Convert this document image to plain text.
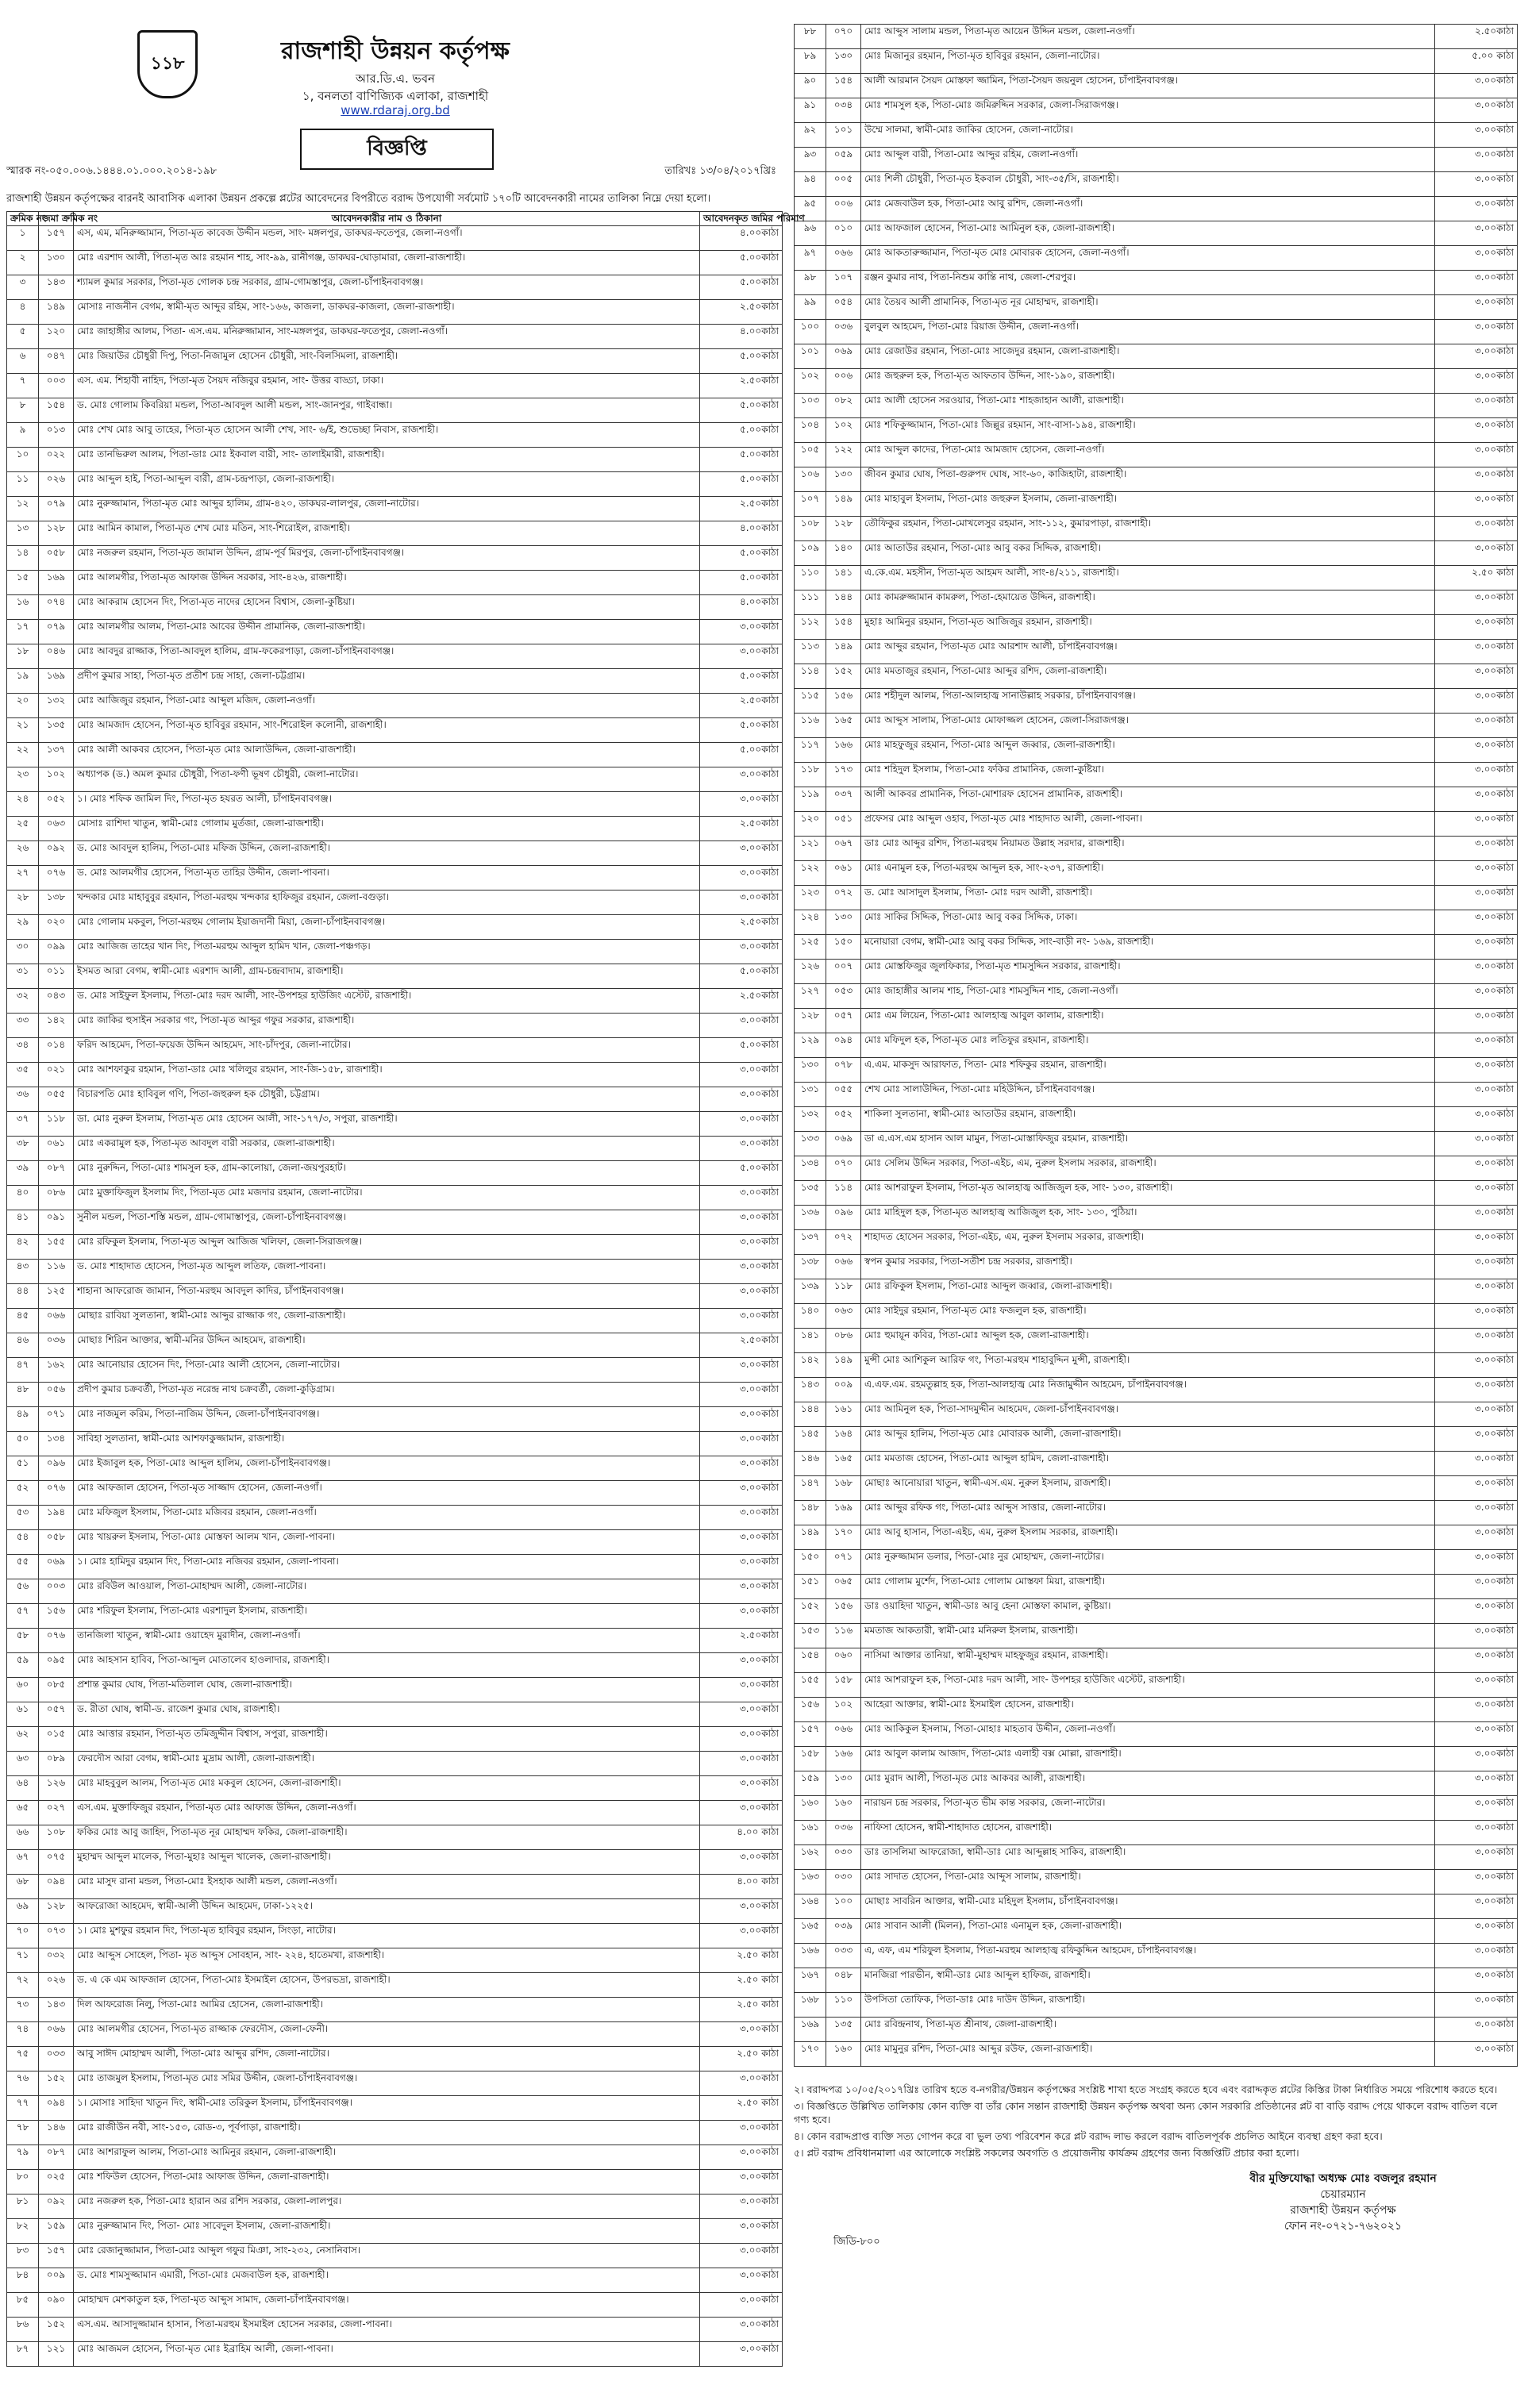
১১৮	রাজশাহী উন্নয়ন কর্তৃপক্ষ
আর.ডি.এ. ভবন
১, বনলতা বাণিজ্যিক এলাকা, রাজশাহী
www.rdaraj.org.bd
বিজ্ঞপ্তি
স্মারক নং-০৫০.০০৬.১৪৪৪.০১.০০০.২০১৪-১৯৮	তারিখঃ ১৩/০৪/২০১৭খ্রিঃ
রাজশাহী উন্নয়ন কর্তৃপক্ষের বারনই আবাসিক এলাকা উন্নয়ন প্রকল্পে প্লটের আবেদনের বিপরীতে বরাদ্দ উপযোগী সর্বমোট ১৭০টি আবেদনকারী নামের তালিকা নিম্নে দেয়া হলো।
ক্রমিক নং	জমা ক্রমিক নং	আবেদনকারীর নাম ও ঠিকানা	আবেদনকৃত জমির পরিমাণ
১	১৫৭	এস, এম, মনিরুজ্জামান, পিতা-মৃত কাবেজ উদ্দীন মন্ডল, সাং- মঙ্গলপুর, ডাকঘর-ফতেপুর, জেলা-নওগাঁ।	৪.০০কাঠা
২	১৩০	মোঃ এরশাদ আলী, পিতা-মৃত আঃ রহমান শাহ, সাং-৯৯, রানীগঞ্জ, ডাকঘর-ঘোড়ামারা, জেলা-রাজশাহী।	৫.০০কাঠা
৩	১৪৩	শ্যামল কুমার সরকার, পিতা-মৃত গোলক চন্দ্র সরকার, গ্রাম-গোমস্তাপুর, জেলা-চাঁপাইনবাবগঞ্জ।	৫.০০কাঠা
৪	১৪৯	মোসাঃ নাজনীন বেগম, স্বামী-মৃত আব্দুর রহিম, সাং-১৬৬, কাজলা, ডাকঘর-কাজলা, জেলা-রাজশাহী।	২.৫০কাঠা
৫	১২০	মোঃ জাহাঙ্গীর আলম, পিতা- এস.এম. মনিরুজ্জামান, সাং-মঙ্গলপুর, ডাকঘর-ফতেপুর, জেলা-নওগাঁ।	৪.০০কাঠা
৬	০৪৭	মোঃ জিয়াউর চৌধুরী দিপু, পিতা-নিজামুল হোসেন চৌধুরী, সাং-বিলসিমলা, রাজশাহী।	৫.০০কাঠা
৭	০০৩	এস. এম. শিহাবী নাহিদ, পিতা-মৃত সৈয়দ নজিবুর রহমান, সাং- উত্তর বাড্ডা, ঢাকা।	২.৫০কাঠা
৮	১৫৪	ড. মোঃ গোলাম কিবরিয়া মন্ডল, পিতা-আবদুল আলী মন্ডল, সাং-জানপুর, গাইবান্ধা।	৫.০০কাঠা
৯	০১৩	মোঃ শেখ মোঃ আবু তাহের, পিতা-মৃত হোসেন আলী শেখ, সাং- ৬/ই, শুভেচ্ছা নিবাস, রাজশাহী।	৫.০০কাঠা
১০	০২২	মোঃ তানভিরুল আলম, পিতা-ডাঃ মোঃ ইকবাল বারী, সাং- তালাইমারী, রাজশাহী।	৫.০০কাঠা
১১	০২৬	মোঃ আব্দুল হাই, পিতা-আব্দুল বারী, গ্রাম-চন্দ্রপাড়া, জেলা-রাজশাহী।	৫.০০কাঠা
১২	০৭৯	মোঃ নুরুজ্জামান, পিতা-মৃত মোঃ আব্দুর হালিম, গ্রাম-৪২০, ডাকঘর-লালপুর, জেলা-নাটোর।	২.৫০কাঠা
১৩	১২৮	মোঃ আমিন কামাল, পিতা-মৃত শেখ মোঃ মতিন, সাং-শিরোইল, রাজশাহী।	৪.০০কাঠা
১৪	০৫৮	মোঃ নজরুল রহমান, পিতা-মৃত জামাল উদ্দিন, গ্রাম-পূর্ব মিরপুর, জেলা-চাঁপাইনবাবগঞ্জ।	৫.০০কাঠা
১৫	১৬৯	মোঃ আলমগীর, পিতা-মৃত আফাজ উদ্দিন সরকার, সাং-৪২৬, রাজশাহী।	৫.০০কাঠা
১৬	০৭৪	মোঃ আকরাম হোসেন দিং, পিতা-মৃত নাদের হোসেন বিশ্বাস, জেলা-কুষ্টিয়া।	৪.০০কাঠা
১৭	০৭৯	মোঃ আলমগীর আলম, পিতা-মোঃ আবের উদ্দীন প্রামানিক, জেলা-রাজশাহী।	৩.০০কাঠা
১৮	০৪৬	মোঃ আবদুর রাজ্জাক, পিতা-আবদুল হালিম, গ্রাম-ফকেরপাড়া, জেলা-চাঁপাইনবাবগঞ্জ।	৩.০০কাঠা
১৯	১৬৯	প্রদীপ কুমার সাহা, পিতা-মৃত প্রতীশ চন্দ্র সাহা, জেলা-চট্টগ্রাম।	৫.০০কাঠা
২০	১৩২	মোঃ আজিজুর রহমান, পিতা-মোঃ আব্দুল মজিদ, জেলা-নওগাঁ।	২.৫০কাঠা
২১	১৩৫	মোঃ আমজাদ হোসেন, পিতা-মৃত হাবিবুর রহমান, সাং-শিরোইল কলোনী, রাজশাহী।	৫.০০কাঠা
২২	১৩৭	মোঃ আলী আকবর হোসেন, পিতা-মৃত মোঃ আলাউদ্দিন, জেলা-রাজশাহী।	৫.০০কাঠা
২৩	১০২	অধ্যাপক (ড.) অমল কুমার চৌধুরী, পিতা-ফণী ভূষণ চৌধুরী, জেলা-নাটোর।	৩.০০কাঠা
২৪	০৫২	১। মোঃ শফিক জামিল দিং, পিতা-মৃত হযরত আলী, চাঁপাইনবাবগঞ্জ।	৩.০০কাঠা
২৫	০৬৩	মোসাঃ রাশিদা খাতুন, স্বামী-মোঃ গোলাম মুর্তজা, জেলা-রাজশাহী।	২.৫০কাঠা
২৬	০৯২	ড. মোঃ আবদুল হালিম, পিতা-মোঃ মফিজ উদ্দিন, জেলা-রাজশাহী।	৩.০০কাঠা
২৭	০৭৬	ড. মোঃ আলমগীর হোসেন, পিতা-মৃত তাহির উদ্দীন, জেলা-পাবনা।	৩.০০কাঠা
২৮	১৩৮	খন্দকার মোঃ মাহাবুবুর রহমান, পিতা-মরহুম খন্দকার হাফিজুর রহমান, জেলা-বগুড়া।	৩.০০কাঠা
২৯	০২০	মোঃ গোলাম মকবুল, পিতা-মরহুম গোলাম ইয়াজদানী মিয়া, জেলা-চাঁপাইনবাবগঞ্জ।	২.৫০কাঠা
৩০	০৯৯	মোঃ আজিজ তাহের খান দিং, পিতা-মরহুম আব্দুল হামিদ খান, জেলা-পঞ্চগড়।	৩.০০কাঠা
৩১	০১১	ইসমত আরা বেগম, স্বামী-মোঃ এরশাদ আলী, গ্রাম-চন্দ্রবাদাম, রাজশাহী।	৫.০০কাঠা
৩২	০৪৩	ড. মোঃ সাইফুল ইসলাম, পিতা-মোঃ দরদ আলী, সাং-উপশহর হাউজিং এস্টেট, রাজশাহী।	২.৫০কাঠা
৩৩	১৪২	মোঃ জাকির হুসাইন সরকার গং, পিতা-মৃত আব্দুর গফুর সরকার, রাজশাহী।	৩.০০কাঠা
৩৪	০১৪	ফরিদ আহমেদ, পিতা-ফয়েজ উদ্দিন আহমেদ, সাং-চাঁদপুর, জেলা-নাটোর।	৫.০০কাঠা
৩৫	০২১	মোঃ আশফাকুর রহমান, পিতা-ডাঃ মোঃ খলিলুর রহমান, সাং-জি-১৫৮, রাজশাহী।	৩.০০কাঠা
৩৬	০৫৫	বিচারপতি মোঃ হাবিবুল গণি, পিতা-জহুরুল হক চৌধুরী, চট্টগ্রাম।	৩.০০কাঠা
৩৭	১১৮	ডা. মোঃ নুরুল ইসলাম, পিতা-মৃত মোঃ হোসেন আলী, সাং-১৭৭/৩, সপুরা, রাজশাহী।	৩.০০কাঠা
৩৮	০৬১	মোঃ একরামুল হক, পিতা-মৃত আবদুল বারী সরকার, জেলা-রাজশাহী।	৩.০০কাঠা
৩৯	০৮৭	মোঃ নুরুদ্দিন, পিতা-মোঃ শামসুল হক, গ্রাম-কালোয়া, জেলা-জয়পুরহাট।	৫.০০কাঠা
৪০	০৮৬	মোঃ মুক্তাফিজুল ইসলাম দিং, পিতা-মৃত মোঃ মজদার রহমান, জেলা-নাটোর।	৩.০০কাঠা
৪১	০৯১	সুনীল মন্ডল, পিতা-শস্তি মন্ডল, গ্রাম-গোমাস্তাপুর, জেলা-চাঁপাইনবাবগঞ্জ।	৩.০০কাঠা
৪২	১৫৫	মোঃ রফিকুল ইসলাম, পিতা-মৃত আব্দুল আজিজ খলিফা, জেলা-সিরাজগঞ্জ।	৩.০০কাঠা
৪৩	১১৬	ড. মোঃ শাহাদাত হোসেন, পিতা-মৃত আব্দুল লতিফ, জেলা-পাবনা।	৩.০০কাঠা
৪৪	১২৫	শাহানা আফরোজ জামান, পিতা-মরহুম আবদুল কাদির, চাঁপাইনবাবগঞ্জ।	৩.০০কাঠা
৪৫	০৬৬	মোছাঃ রাবিয়া সুলতানা, স্বামী-মোঃ আব্দুর রাজ্জাক গং, জেলা-রাজশাহী।	৩.০০কাঠা
৪৬	০৩৬	মোছাঃ শিরিন আক্তার, স্বামী-মনির উদ্দিন আহমেদ, রাজশাহী।	২.৫০কাঠা
৪৭	১৬২	মোঃ আনোয়ার হোসেন দিং, পিতা-মোঃ আলী হোসেন, জেলা-নাটোর।	৩.০০কাঠা
৪৮	০৫৬	প্রদীপ কুমার চক্রবর্তী, পিতা-মৃত নরেন্দ্র নাথ চক্রবর্তী, জেলা-কুড়িগ্রাম।	৩.০০কাঠা
৪৯	০৭১	মোঃ নাজমুল করিম, পিতা-নাজিম উদ্দিন, জেলা-চাঁপাইনবাবগঞ্জ।	৩.০০কাঠা
৫০	১৩৪	সাবিহা সুলতানা, স্বামী-মোঃ আশফাকুজ্জামান, রাজশাহী।	৩.০০কাঠা
৫১	০৯৬	মোঃ ইজাবুল হক, পিতা-মোঃ আব্দুল হালিম, জেলা-চাঁপাইনবাবগঞ্জ।	৩.০০কাঠা
৫২	০৭৬	মোঃ আফজাল হোসেন, পিতা-মৃত সাজ্জাদ হোসেন, জেলা-নওগাঁ।	৩.০০কাঠা
৫৩	১৯৪	মোঃ মফিজুল ইসলাম, পিতা-মোঃ মজিবর রহমান, জেলা-নওগাঁ।	৩.০০কাঠা
৫৪	০৫৮	মোঃ খায়রুল ইসলাম, পিতা-মোঃ মোস্তফা আলম খান, জেলা-পাবনা।	৩.০০কাঠা
৫৫	০৬৯	১। মোঃ হামিদুর রহমান দিং, পিতা-মোঃ নজিবর রহমান, জেলা-পাবনা।	৩.০০কাঠা
৫৬	০০৩	মোঃ রবিউল আওয়াল, পিতা-মোহাম্মদ আলী, জেলা-নাটোর।	৩.০০কাঠা
৫৭	১৫৬	মোঃ শরিফুল ইসলাম, পিতা-মোঃ এরশাদুল ইসলাম, রাজশাহী।	৩.০০কাঠা
৫৮	০৭৬	তানজিলা খাতুন, স্বামী-মোঃ ওয়াহেদ মুরাদীন, জেলা-নওগাঁ।	২.৫০কাঠা
৫৯	০৯৫	মোঃ আহসান হাবিব, পিতা-আব্দুল মোতালেব হাওলাদার, রাজশাহী।	৩.০০কাঠা
৬০	০৮৫	প্রশান্ত কুমার ঘোষ, পিতা-মতিলাল ঘোষ, জেলা-রাজশাহী।	৩.০০কাঠা
৬১	০৫৭	ড. রীতা ঘোষ, স্বামী-ড. রাজেশ কুমার ঘোষ, রাজশাহী।	৩.০০কাঠা
৬২	০১৫	মোঃ আত্তার রহমান, পিতা-মৃত তমিজুদ্দীন বিশ্বাস, সপুরা, রাজশাহী।	৩.০০কাঠা
৬৩	০৮৯	ফেরদৌস আরা বেগম, স্বামী-মোঃ মুদ্রাম আলী, জেলা-রাজশাহী।	৩.০০কাঠা
৬৪	১২৬	মোঃ মাহবুবুল আলম, পিতা-মৃত মোঃ মকবুল হোসেন, জেলা-রাজশাহী।	৩.০০কাঠা
৬৫	০২৭	এস.এম. মুক্তাফিজুর রহমান, পিতা-মৃত মোঃ আফাজ উদ্দিন, জেলা-নওগাঁ।	৩.০০কাঠা
৬৬	১০৮	ফকির মোঃ আবু জাহিদ, পিতা-মৃত নূর মোহাম্মদ ফকির, জেলা-রাজশাহী।	৪.০০ কাঠা
৬৭	০৭৫	মুহাম্মদ আব্দুল মালেক, পিতা-মুহাঃ আব্দুল খালেক, জেলা-রাজশাহী।	৩.০০কাঠা
৬৮	০৯৪	মোঃ মাসুদ রানা মন্ডল, পিতা-মোঃ ইসহাক আলী মন্ডল, জেলা-নওগাঁ।	৪.০০ কাঠা
৬৯	১২৮	আফরোজা আহমেদ, স্বামী-আলী উদ্দিন আহমেদ, ঢাকা-১২২৫।	৩.০০কাঠা
৭০	০৭৩	১। মোঃ মুশফুর রহমান দিং, পিতা-মৃত হাবিবুর রহমান, সিংড়া, নাটোর।	৩.০০কাঠা
৭১	০৩২	মোঃ আব্দুস সোহেল, পিতা- মৃত আব্দুস সোবহান, সাং- ২২৪, হাতেমখা, রাজশাহী।	২.৫০ কাঠা
৭২	০২৬	ড. এ কে এম আফজাল হোসেন, পিতা-মোঃ ইসমাইল হোসেন, উপরভদ্রা, রাজশাহী।	২.৫০ কাঠা
৭৩	১৪৩	দিল আফরোজ নিলু, পিতা-মোঃ আমির হোসেন, জেলা-রাজশাহী।	২.৫০ কাঠা
৭৪	০৬৬	মোঃ আলমগীর হোসেন, পিতা-মৃত রাজ্জাক ফেরদৌস, জেলা-ফেনী।	৩.০০কাঠা
৭৫	০৩৩	আবু সাঈদ মোহাম্মদ আলী, পিতা-মোঃ আব্দুর রশিদ, জেলা-নাটোর।	২.৫০ কাঠা
৭৬	১৫২	মোঃ তাজমুল ইসলাম, পিতা-মৃত মোঃ সমির উদ্দীন, জেলা-চাঁপাইনবাবগঞ্জ।	৩.০০কাঠা
৭৭	০৯৪	১। মোসাঃ সাহিদা খাতুন দিং, স্বামী-মোঃ তরিকুল ইসলাম, চাঁপাইনবাবগঞ্জ।	২.৫০ কাঠা
৭৮	১৪৬	মোঃ রাজীউন নবী, সাং-১৫৩, রোড-৩, পূর্বপাড়া, রাজশাহী।	৩.০০কাঠা
৭৯	০৮৭	মোঃ আশরাফুল আলম, পিতা-মোঃ আমিনুর রহমান, জেলা-রাজশাহী।	৩.০০কাঠা
৮০	০২৫	মোঃ শফিউল হোসেন, পিতা-মোঃ আফাজ উদ্দিন, জেলা-রাজশাহী।	৩.০০কাঠা
৮১	০৯২	মোঃ নজরুল হক, পিতা-মোঃ হারান অর রশিদ সরকার, জেলা-লালপুর।	৩.০০কাঠা
৮২	১৫৯	মোঃ নুরুজ্জামান দিং, পিতা- মোঃ সাবেদুল ইসলাম, জেলা-রাজশাহী।	৩.০০কাঠা
৮৩	১৫৭	মোঃ রেজানুজ্জামান, পিতা-মোঃ আব্দুল গফুর মিঞা, সাং-২৩২, নেসানিবাস।	৩.০০কাঠা
৮৪	০০৯	ড. মোঃ শামসুজ্জামান এমারী, পিতা-মোঃ মেজবাউল হক, রাজশাহী।	৩.০০কাঠা
৮৫	০৯০	মোহাম্মদ মেশকাতুল হক, পিতা-মৃত আব্দুস সামাদ, জেলা-চাঁপাইনবাবগঞ্জ।	৩.০০কাঠা
৮৬	১৫২	এস.এম. আসাদুজ্জামান হাসান, পিতা-মরহুম ইসমাইল হোসেন সরকার, জেলা-পাবনা।	৩.০০কাঠা
৮৭	১২১	মোঃ আজমল হোসেন, পিতা-মৃত মোঃ ইব্রাহিম আলী, জেলা-পাবনা।	৩.০০কাঠা
৮৮	০৭০	মোঃ আব্দুস সালাম মন্ডল, পিতা-মৃত আয়েন উদ্দিন মন্ডল, জেলা-নওগাঁ।	২.৫০কাঠা
৮৯	১৩০	মোঃ মিজানুর রহমান, পিতা-মৃত হাবিবুর রহমান, জেলা-নাটোর।	৫.০০ কাঠা
৯০	১৫৪	আলী আরমান সৈয়দ মোস্তফা জ্জামিন, পিতা-সৈয়দ জয়নুল হোসেন, চাঁপাইনবাবগঞ্জ।	৩.০০কাঠা
৯১	০৩৪	মোঃ শামসুল হক, পিতা-মোঃ জমিরুদ্দিন সরকার, জেলা-সিরাজগঞ্জ।	৩.০০কাঠা
৯২	১০১	উম্মে সালমা, স্বামী-মোঃ জাকির হোসেন, জেলা-নাটোর।	৩.০০কাঠা
৯৩	০৫৯	মোঃ আব্দুল বারী, পিতা-মোঃ আব্দুর রহিম, জেলা-নওগাঁ।	৩.০০কাঠা
৯৪	০০৫	মোঃ শিলী চৌধুরী, পিতা-মৃত ইকবাল চৌধুরী, সাং-৩৫/সি, রাজশাহী।	৩.০০কাঠা
৯৫	০০৬	মোঃ মেজবাউল হক, পিতা-মোঃ আবু রশিদ, জেলা-নওগাঁ।	৩.০০কাঠা
৯৬	০১০	মোঃ আফজাল হোসেন, পিতা-মোঃ আমিনুল হক, জেলা-রাজশাহী।	৩.০০কাঠা
৯৭	০৬৬	মোঃ আকতারুজ্জামান, পিতা-মৃত মোঃ মোবারক হোসেন, জেলা-নওগাঁ।	৩.০০কাঠা
৯৮	১০৭	রঞ্জন কুমার নাথ, পিতা-নিশুম কান্তি নাথ, জেলা-শেরপুর।	৩.০০কাঠা
৯৯	০৫৪	মোঃ তৈয়ব আলী প্রামানিক, পিতা-মৃত নূর মোহাম্মদ, রাজশাহী।	৩.০০কাঠা
১০০	০৩৬	বুলবুল আহমেদ, পিতা-মোঃ রিয়াজ উদ্দীন, জেলা-নওগাঁ।	৩.০০কাঠা
১০১	০৬৯	মোঃ রেজাউর রহমান, পিতা-মোঃ সাজেদুর রহমান, জেলা-রাজশাহী।	৩.০০কাঠা
১০২	০০৬	মোঃ জহুরুল হক, পিতা-মৃত আফতাব উদ্দিন, সাং-১৯০, রাজশাহী।	৩.০০কাঠা
১০৩	০৮২	মোঃ আলী হোসেন সরওয়ার, পিতা-মোঃ শাহজাহান আলী, রাজশাহী।	৩.০০কাঠা
১০৪	১০২	মোঃ শফিকুজ্জামান, পিতা-মোঃ জিল্লুর রহমান, সাং-বাসা-১৯৪, রাজশাহী।	৩.০০কাঠা
১০৫	১২২	মোঃ আব্দুল কাদের, পিতা-মোঃ আমজাদ হোসেন, জেলা-নওগাঁ।	৩.০০কাঠা
১০৬	১৩০	জীবন কুমার ঘোষ, পিতা-গুরুপদ ঘোষ, সাং-৬০, কাজিহাটা, রাজশাহী।	৩.০০কাঠা
১০৭	১৪৯	মোঃ মাহাবুল ইসলাম, পিতা-মোঃ জহুরুল ইসলাম, জেলা-রাজশাহী।	৩.০০কাঠা
১০৮	১২৮	তৌফিকুর রহমান, পিতা-মোখলেসুর রহমান, সাং-১১২, কুমারপাড়া, রাজশাহী।	৩.০০কাঠা
১০৯	১৪০	মোঃ আতাউর রহমান, পিতা-মোঃ আবু বকর সিদ্দিক, রাজশাহী।	৩.০০কাঠা
১১০	১৪১	এ.কে.এম. মহসীন, পিতা-মৃত আহমদ আলী, সাং-৪/২১১, রাজশাহী।	২.৫০ কাঠা
১১১	১৪৪	মোঃ কামরুজ্জামান কামরুল, পিতা-হেমায়েত উদ্দিন, রাজশাহী।	৩.০০কাঠা
১১২	১৫৪	মুহাঃ আমিনুর রহমান, পিতা-মৃত আজিজুর রহমান, রাজশাহী।	৩.০০কাঠা
১১৩	১৪৯	মোঃ আব্দুর রহমান, পিতা-মৃত মোঃ আরশাদ আলী, চাঁপাইনবাবগঞ্জ।	৩.০০কাঠা
১১৪	১৫২	মোঃ মমতাজুর রহমান, পিতা-মোঃ আব্দুর রশিদ, জেলা-রাজশাহী।	৩.০০কাঠা
১১৫	১৫৬	মোঃ শহীদুল আলম, পিতা-আলহাজ্ব সানাউল্লাহ সরকার, চাঁপাইনবাবগঞ্জ।	৩.০০কাঠা
১১৬	১৬৫	মোঃ আব্দুস সালাম, পিতা-মোঃ মোফাজ্জল হোসেন, জেলা-সিরাজগঞ্জ।	৩.০০কাঠা
১১৭	১৬৬	মোঃ মাহফুজুর রহমান, পিতা-মোঃ আব্দুল জব্বার, জেলা-রাজশাহী।	৩.০০কাঠা
১১৮	১৭৩	মোঃ শহিদুল ইসলাম, পিতা-মোঃ ফকির প্রামানিক, জেলা-কুষ্টিয়া।	৩.০০কাঠা
১১৯	০৩৭	আলী আকবর প্রামানিক, পিতা-মোশারফ হোসেন প্রামানিক, রাজশাহী।	৩.০০কাঠা
১২০	০৫১	প্রফেসর মোঃ আব্দুল ওহাব, পিতা-মৃত মোঃ শাহাদাত আলী, জেলা-পাবনা।	৩.০০কাঠা
১২১	০৬৭	ডাঃ মোঃ আব্দুর রশিদ, পিতা-মরহুম নিয়ামত উল্লাহ সরদার, রাজশাহী।	৩.০০কাঠা
১২২	০৬১	মোঃ এনামুল হক, পিতা-মরহুম আব্দুল হক, সাং-২৩৭, রাজশাহী।	৩.০০কাঠা
১২৩	০৭২	ড. মোঃ আসাদুল ইসলাম, পিতা- মোঃ দরদ আলী, রাজশাহী।	৩.০০কাঠা
১২৪	১৩০	মোঃ সাকির সিদ্দিক, পিতা-মোঃ আবু বকর সিদ্দিক, ঢাকা।	৩.০০কাঠা
১২৫	১৫০	মনোয়ারা বেগম, স্বামী-মোঃ আবু বকর সিদ্দিক, সাং-বাড়ী নং- ১৬৯, রাজশাহী।	৩.০০কাঠা
১২৬	০০৭	মোঃ মোস্তফিজুর জুলফিকার, পিতা-মৃত শামসুদ্দিন সরকার, রাজশাহী।	৩.০০কাঠা
১২৭	০৫৩	মোঃ জাহাঙ্গীর আলম শাহ, পিতা-মোঃ শামসুদ্দিন শাহ, জেলা-নওগাঁ।	৩.০০কাঠা
১২৮	০৫৭	মোঃ এম লিয়েন, পিতা-মোঃ আলহাজ্ব আবুল কালাম, রাজশাহী।	৩.০০কাঠা
১২৯	০৯৪	মোঃ মফিদুল হক, পিতা-মৃত মোঃ লতিফুর রহমান, রাজশাহী।	৩.০০কাঠা
১৩০	০৭৮	এ.এম. মাকসুদ আরাফাত, পিতা- মোঃ শফিকুর রহমান, রাজশাহী।	৩.০০কাঠা
১৩১	০৫৫	শেখ মোঃ সালাউদ্দিন, পিতা-মোঃ মহিউদ্দিন, চাঁপাইনবাবগঞ্জ।	৩.০০কাঠা
১৩২	০৫২	শাকিলা সুলতানা, স্বামী-মোঃ আতাউর রহমান, রাজশাহী।	৩.০০কাঠা
১৩৩	০৬৯	ডা এ.এস.এম হাসান আল মামুন, পিতা-মোস্তাফিজুর রহমান, রাজশাহী।	৩.০০কাঠা
১৩৪	০৭০	মোঃ সেলিম উদ্দিন সরকার, পিতা-এইচ, এম, নুরুল ইসলাম সরকার, রাজশাহী।	৩.০০কাঠা
১৩৫	১১৪	মোঃ আশরাফুল ইসলাম, পিতা-মৃত আলহাজ্ব আজিজুল হক, সাং- ১৩০, রাজশাহী।	৩.০০কাঠা
১৩৬	০৯৬	মোঃ মাহিদুল হক, পিতা-মৃত আলহাজ্ব আজিজুল হক, সাং- ১৩০, পুঠিয়া।	৩.০০কাঠা
১৩৭	০৭২	শাহাদত হোসেন সরকার, পিতা-এইচ, এম, নুরুল ইসলাম সরকার, রাজশাহী।	৩.০০কাঠা
১৩৮	০৬৬	স্বপন কুমার সরকার, পিতা-সতীশ চন্দ্র সরকার, রাজশাহী।	৩.০০কাঠা
১৩৯	১১৮	মোঃ রফিকুল ইসলাম, পিতা-মোঃ আব্দুল জব্বার, জেলা-রাজশাহী।	৩.০০কাঠা
১৪০	০৬৩	মোঃ সাইদুর রহমান, পিতা-মৃত মোঃ ফজলুল হক, রাজশাহী।	৩.০০কাঠা
১৪১	০৮৬	মোঃ হুমায়ূন কবির, পিতা-মোঃ আব্দুল হক, জেলা-রাজশাহী।	৩.০০কাঠা
১৪২	১৪৯	মুন্সী মোঃ আশিকুল আরিফ গং, পিতা-মরহুম শাহাবুদ্দিন মুন্সী, রাজশাহী।	৩.০০কাঠা
১৪৩	০০৯	এ.এফ.এম. রহমতুল্লাহ হক, পিতা-আলহাজ্ব মোঃ নিজামুদ্দীন আহমেদ, চাঁপাইনবাবগঞ্জ।	৩.০০কাঠা
১৪৪	১৬১	মোঃ আমিনুল হক, পিতা-সাদমুদ্দীন আহমেদ, জেলা-চাঁপাইনবাবগঞ্জ।	৩.০০কাঠা
১৪৫	১৬৪	মোঃ আব্দুর হালিম, পিতা-মৃত মোঃ মোবারক আলী, জেলা-রাজশাহী।	৩.০০কাঠা
১৪৬	১৬৫	মোঃ মমতাজ হোসেন, পিতা-মোঃ আব্দুল হামিদ, জেলা-রাজশাহী।	৩.০০কাঠা
১৪৭	১৬৮	মোছাঃ আনোয়ারা খাতুন, স্বামী-এস.এম. নুরুল ইসলাম, রাজশাহী।	৩.০০কাঠা
১৪৮	১৬৯	মোঃ আব্দুর রফিক গং, পিতা-মোঃ আব্দুস সাত্তার, জেলা-নাটোর।	৩.০০কাঠা
১৪৯	১৭০	মোঃ আবু হাসান, পিতা-এইচ, এম, নুরুল ইসলাম সরকার, রাজশাহী।	৩.০০কাঠা
১৫০	০৭১	মোঃ নুরুজ্জামান ডলার, পিতা-মোঃ নুর মোহাম্মদ, জেলা-নাটোর।	৩.০০কাঠা
১৫১	০৬৫	মোঃ গোলাম মুর্শেদ, পিতা-মোঃ গোলাম মোস্তফা মিয়া, রাজশাহী।	৩.০০কাঠা
১৫২	১৫৬	ডাঃ ওয়াহিদা খাতুন, স্বামী-ডাঃ আবু হেনা মোস্তফা কামাল, কুষ্টিয়া।	৩.০০কাঠা
১৫৩	১১৬	মমতাজ আকতারী, স্বামী-মোঃ মনিরুল ইসলাম, রাজশাহী।	৩.০০কাঠা
১৫৪	০৬০	নাসিমা আক্তার তানিয়া, স্বামী-মুহাম্মদ মাহফুজুর রহমান, রাজশাহী।	৩.০০কাঠা
১৫৫	১৫৮	মোঃ আশরাফুল হক, পিতা-মোঃ দরদ আলী, সাং- উপশহর হাউজিং এস্টেট, রাজশাহী।	৩.০০কাঠা
১৫৬	১০২	আহেরা আক্তার, স্বামী-মোঃ ইসমাইল হোসেন, রাজশাহী।	৩.০০কাঠা
১৫৭	০৬৬	মোঃ আকিকুল ইসলাম, পিতা-মোহাঃ মাহতাব উদ্দীন, জেলা-নওগাঁ।	৩.০০কাঠা
১৫৮	১৬৬	মোঃ আবুল কালাম আজাদ, পিতা-মোঃ এলাহী বক্স মোল্লা, রাজশাহী।	৩.০০কাঠা
১৫৯	১৩০	মোঃ মুরাদ আলী, পিতা-মৃত মোঃ আকবর আলী, রাজশাহী।	৩.০০কাঠা
১৬০	১৬০	নারায়ন চন্দ্র সরকার, পিতা-মৃত ভীম কান্ত সরকার, জেলা-নাটোর।	৩.০০কাঠা
১৬১	০৩৬	নাফিসা হোসেন, স্বামী-শাহাদাত হোসেন, রাজশাহী।	৩.০০কাঠা
১৬২	০৩০	ডাঃ তাসলিমা আফরোজা, স্বামী-ডাঃ মোঃ আব্দুল্লাহ সাকিব, রাজশাহী।	৩.০০কাঠা
১৬৩	০৩০	মোঃ সাদাত হোসেন, পিতা-মোঃ আব্দুস সালাম, রাজশাহী।	৩.০০কাঠা
১৬৪	১০০	মোছাঃ সাবরিন আক্তার, স্বামী-মোঃ মহিদুল ইসলাম, চাঁপাইনবাবগঞ্জ।	৩.০০কাঠা
১৬৫	০৩৯	মোঃ সাবান আলী (মিলন), পিতা-মোঃ এনামুল হক, জেলা-রাজশাহী।	৩.০০কাঠা
১৬৬	০৩৩	এ, এফ, এম শরিফুল ইসলাম, পিতা-মরহুম আলহাজ্ব রফিকুদ্দিন আহমেদ, চাঁপাইনবাবগঞ্জ।	৩.০০কাঠা
১৬৭	০৪৮	মানজিরা পারভীন, স্বামী-ডাঃ মোঃ আব্দুল হাফিজ, রাজশাহী।	৩.০০কাঠা
১৬৮	১১০	উপসিতা তোফিক, পিতা-ডাঃ মোঃ দাউদ উদ্দিন, রাজশাহী।	৩.০০কাঠা
১৬৯	১৩৫	মোঃ রবিন্দ্রনাথ, পিতা-মৃত শ্রীনাথ, জেলা-রাজশাহী।	৩.০০কাঠা
১৭০	১৬০	মোঃ মামুনুর রশিদ, পিতা-মোঃ আব্দুর রউফ, জেলা-রাজশাহী।	৩.০০কাঠা

২। বরাদ্দপত্র ১০/০৫/২০১৭খ্রিঃ তারিখ হতে ব-নগরীর/উন্নয়ন কর্তৃপক্ষের সংশ্লিষ্ট শাখা হতে সংগ্রহ করতে হবে এবং বরাদ্দকৃত প্লটের কিস্তির টাকা নির্ধারিত সময়ে পরিশোধ করতে হবে।

৩। বিজ্ঞপ্তিতে উল্লিখিত তালিকায় কোন ব্যক্তি বা তাঁর কোন সন্তান রাজশাহী উন্নয়ন কর্তৃপক্ষ অথবা অন্য কোন সরকারি প্রতিষ্ঠানের প্লট বা বাড়ি বরাদ্দ পেয়ে থাকলে বরাদ্দ বাতিল বলে গণ্য হবে।

৪। কোন বরাদ্দপ্রাপ্ত ব্যক্তি সত্য গোপন করে বা ভুল তথ্য পরিবেশন করে প্লট বরাদ্দ লাভ করলে বরাদ্দ বাতিলপূর্বক প্রচলিত আইনে ব্যবস্থা গ্রহণ করা হবে।

৫। প্লট বরাদ্দ প্রবিধানমালা এর আলোকে সংশ্লিষ্ট সকলের অবগতি ও প্রয়োজনীয় কার্যক্রম গ্রহণের জন্য বিজ্ঞপ্তিটি প্রচার করা হলো।

বীর মুক্তিযোদ্ধা অধ্যক্ষ মোঃ বজলুর রহমান
চেয়ারম্যান
রাজশাহী উন্নয়ন কর্তৃপক্ষ
ফোন নং-০৭২১-৭৬২০২১
জিডি-৮০০
